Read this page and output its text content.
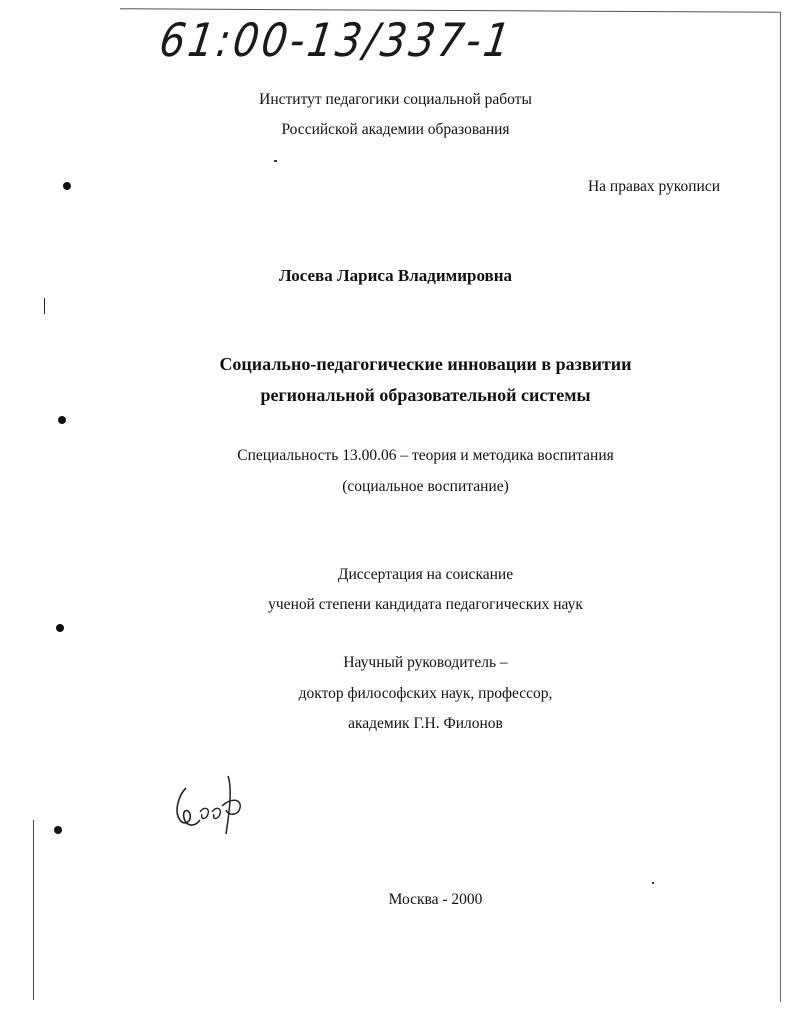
61:00-13/337-1
Институт педагогики социальной работы
Российской академии образования
На правах рукописи
Лосева Лариса Владимировна
Социально-педагогические инновации в развитии
региональной образовательной системы
Специальность 13.00.06 – теория и методика воспитания
(социальное воспитание)
Диссертация на соискание
ученой степени кандидата педагогических наук
Научный руководитель –
доктор философских наук, профессор,
академик Г.Н. Филонов
Москва - 2000
